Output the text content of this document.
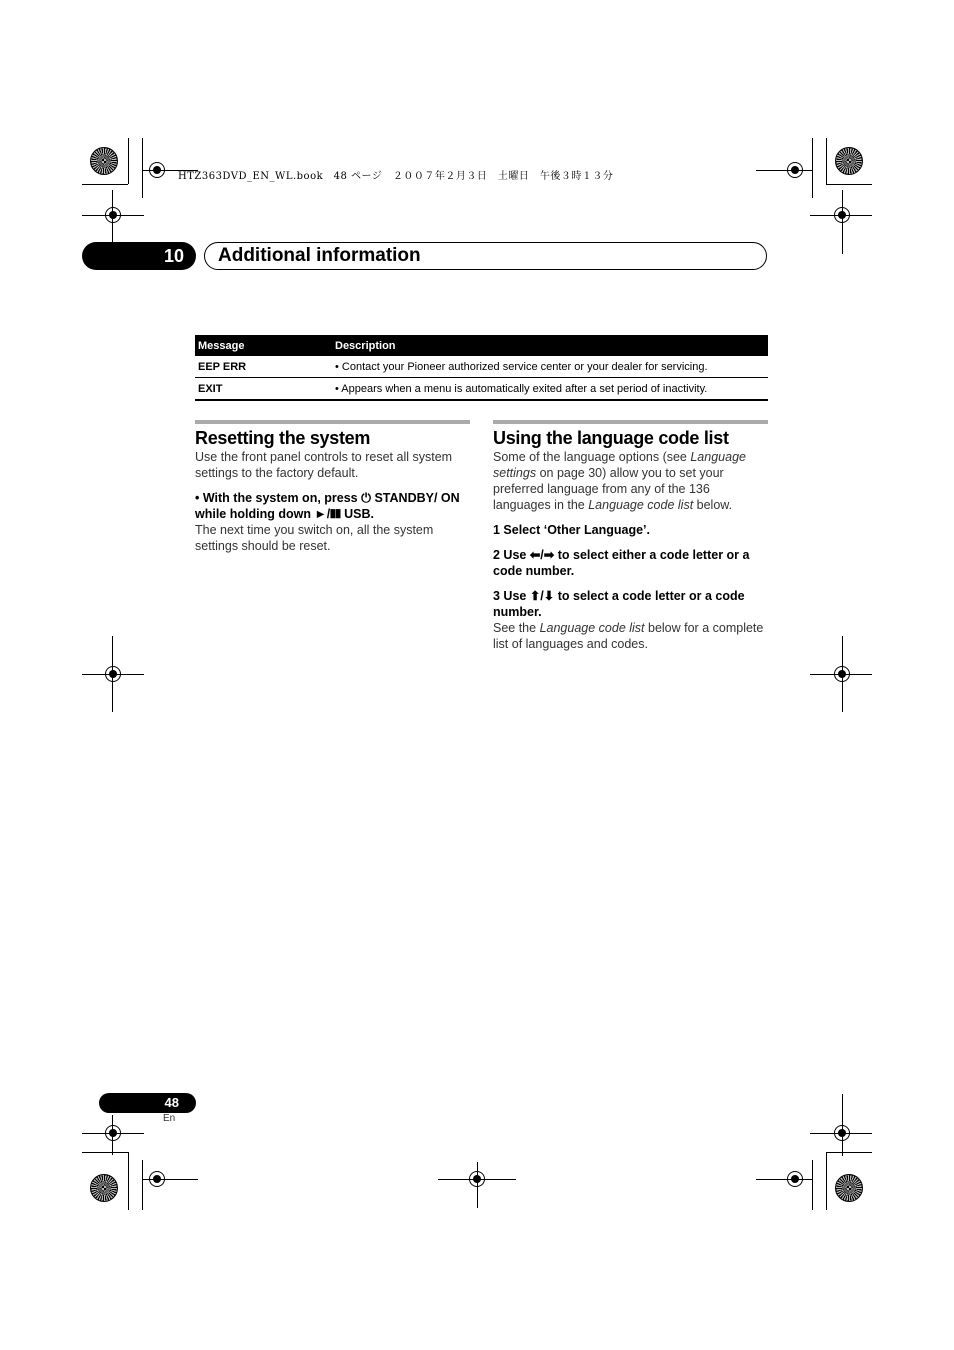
HTZ363DVD_EN_WL.book　48 ページ　２００７年２月３日　土曜日　午後３時１３分
10	Additional information
Message	Description
EEP ERR	• Contact your Pioneer authorized service center or your dealer for servicing.
EXIT	• Appears when a menu is automatically exited after a set period of inactivity.
Resetting the system

Use the front panel controls to reset all system settings to the factory default.

• With the system on, press ⏻ STANDBY/ ON while holding down ►/❚❚ USB.

The next time you switch on, all the system settings should be reset.

Using the language code list

Some of the language options (see Language settings on page 30) allow you to set your preferred language from any of the 136 languages in the Language code list below.

1 Select ‘Other Language’.

2 Use ⬅/➡ to select either a code letter or a code number.

3 Use ⬆/⬇ to select a code letter or a code number.

See the Language code list below for a complete list of languages and codes.

48
En
